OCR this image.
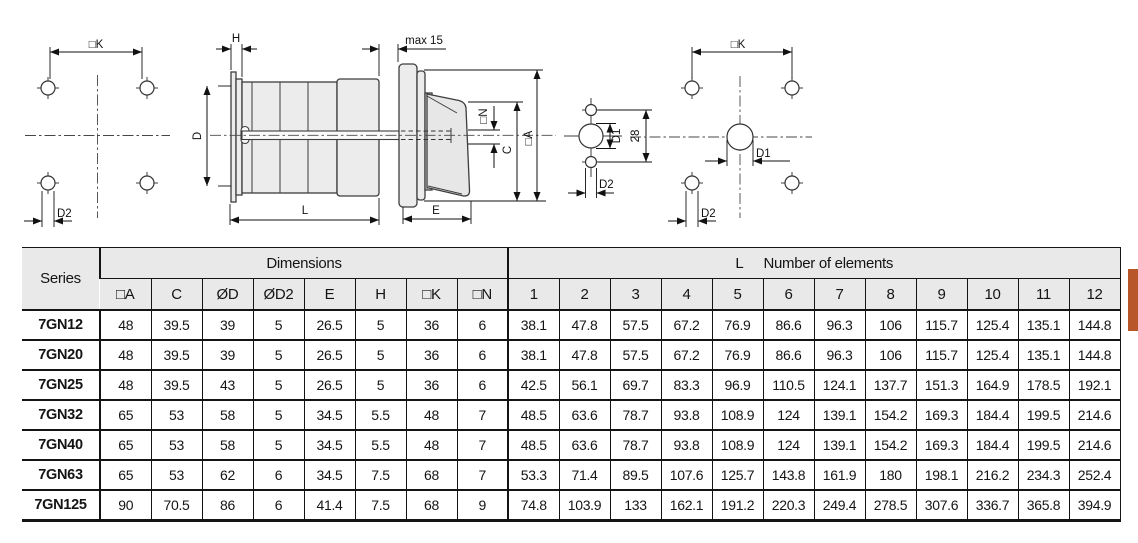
□K
D2
H
D
max 15
□N
C
□A
E
L
D1 28
D2
□K
D1
D2
Series	Dimensions								L Number of elements											
	□A	C	ØD	ØD2	E	H	□K	□N	1	2	3	4	5	6	7	8	9	10	11	12
7GN12	48	39.5	39	5	26.5	5	36	6	38.1	47.8	57.5	67.2	76.9	86.6	96.3	106	115.7	125.4	135.1	144.8
7GN20	48	39.5	39	5	26.5	5	36	6	38.1	47.8	57.5	67.2	76.9	86.6	96.3	106	115.7	125.4	135.1	144.8
7GN25	48	39.5	43	5	26.5	5	36	6	42.5	56.1	69.7	83.3	96.9	110.5	124.1	137.7	151.3	164.9	178.5	192.1
7GN32	65	53	58	5	34.5	5.5	48	7	48.5	63.6	78.7	93.8	108.9	124	139.1	154.2	169.3	184.4	199.5	214.6
7GN40	65	53	58	5	34.5	5.5	48	7	48.5	63.6	78.7	93.8	108.9	124	139.1	154.2	169.3	184.4	199.5	214.6
7GN63	65	53	62	6	34.5	7.5	68	7	53.3	71.4	89.5	107.6	125.7	143.8	161.9	180	198.1	216.2	234.3	252.4
7GN125	90	70.5	86	6	41.4	7.5	68	9	74.8	103.9	133	162.1	191.2	220.3	249.4	278.5	307.6	336.7	365.8	394.9
